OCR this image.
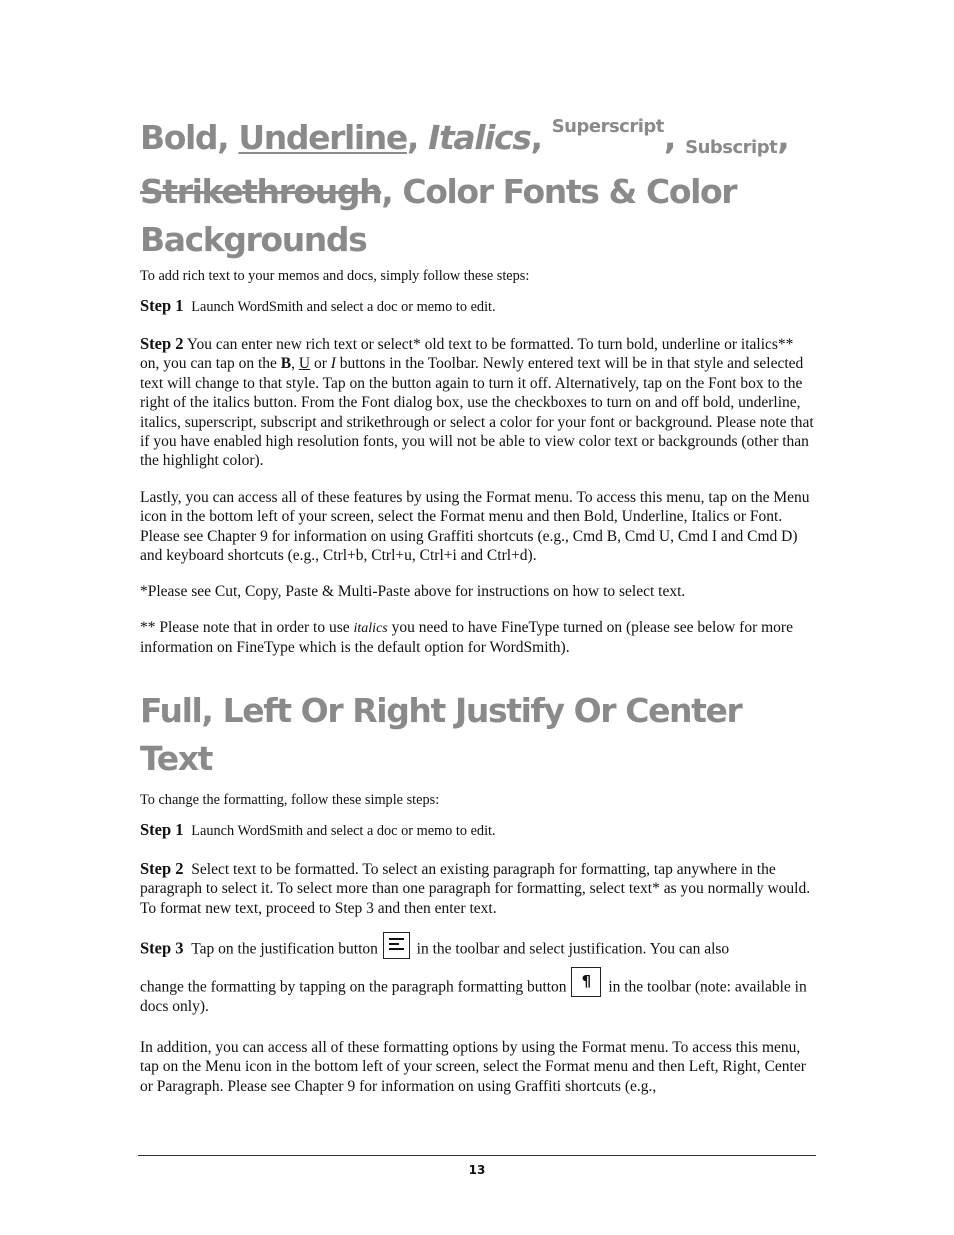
Bold, Underline, Italics, $^{Superscript}$, Subscript,
Strikethrough, Color Fonts & Color
Backgrounds

To add rich text to your memos and docs, simply follow these steps:

Step 1 Launch WordSmith and select a doc or memo to edit.

Step 2 You can enter new rich text or select* old text to be formatted. To turn bold, underline or italics** on, you can tap on the B, U or I buttons in the Toolbar. Newly entered text will be in that style and selected text will change to that style. Tap on the button again to turn it off. Alternatively, tap on the Font box to the right of the italics button. From the Font dialog box, use the checkboxes to turn on and off bold, underline, italics, superscript, subscript and strikethrough or select a color for your font or background. Please note that if you have enabled high resolution fonts, you will not be able to view color text or backgrounds (other than the highlight color).

Lastly, you can access all of these features by using the Format menu. To access this menu, tap on the Menu icon in the bottom left of your screen, select the Format menu and then Bold, Underline, Italics or Font. Please see Chapter 9 for information on using Graffiti shortcuts (e.g., Cmd B, Cmd U, Cmd I and Cmd D) and keyboard shortcuts (e.g., Ctrl+b, Ctrl+u, Ctrl+i and Ctrl+d).

*Please see Cut, Copy, Paste & Multi-Paste above for instructions on how to select text.

** Please note that in order to use italics you need to have FineType turned on (please see below for more information on FineType which is the default option for WordSmith).

Full, Left Or Right Justify Or Center
Text

To change the formatting, follow these simple steps:

Step 1 Launch WordSmith and select a doc or memo to edit.

Step 2 Select text to be formatted. To select an existing paragraph for formatting, tap anywhere in the paragraph to select it. To select more than one paragraph for formatting, select text* as you normally would. To format new text, proceed to Step 3 and then enter text.

Step 3 Tap on the justification button
in the toolbar and select justification. You can also

change the formatting by tapping on the paragraph formatting button ¶ in the toolbar (note: available in docs only).

In addition, you can access all of these formatting options by using the Format menu. To access this menu, tap on the Menu icon in the bottom left of your screen, select the Format menu and then Left, Right, Center or Paragraph. Please see Chapter 9 for information on using Graffiti shortcuts (e.g.,

13
